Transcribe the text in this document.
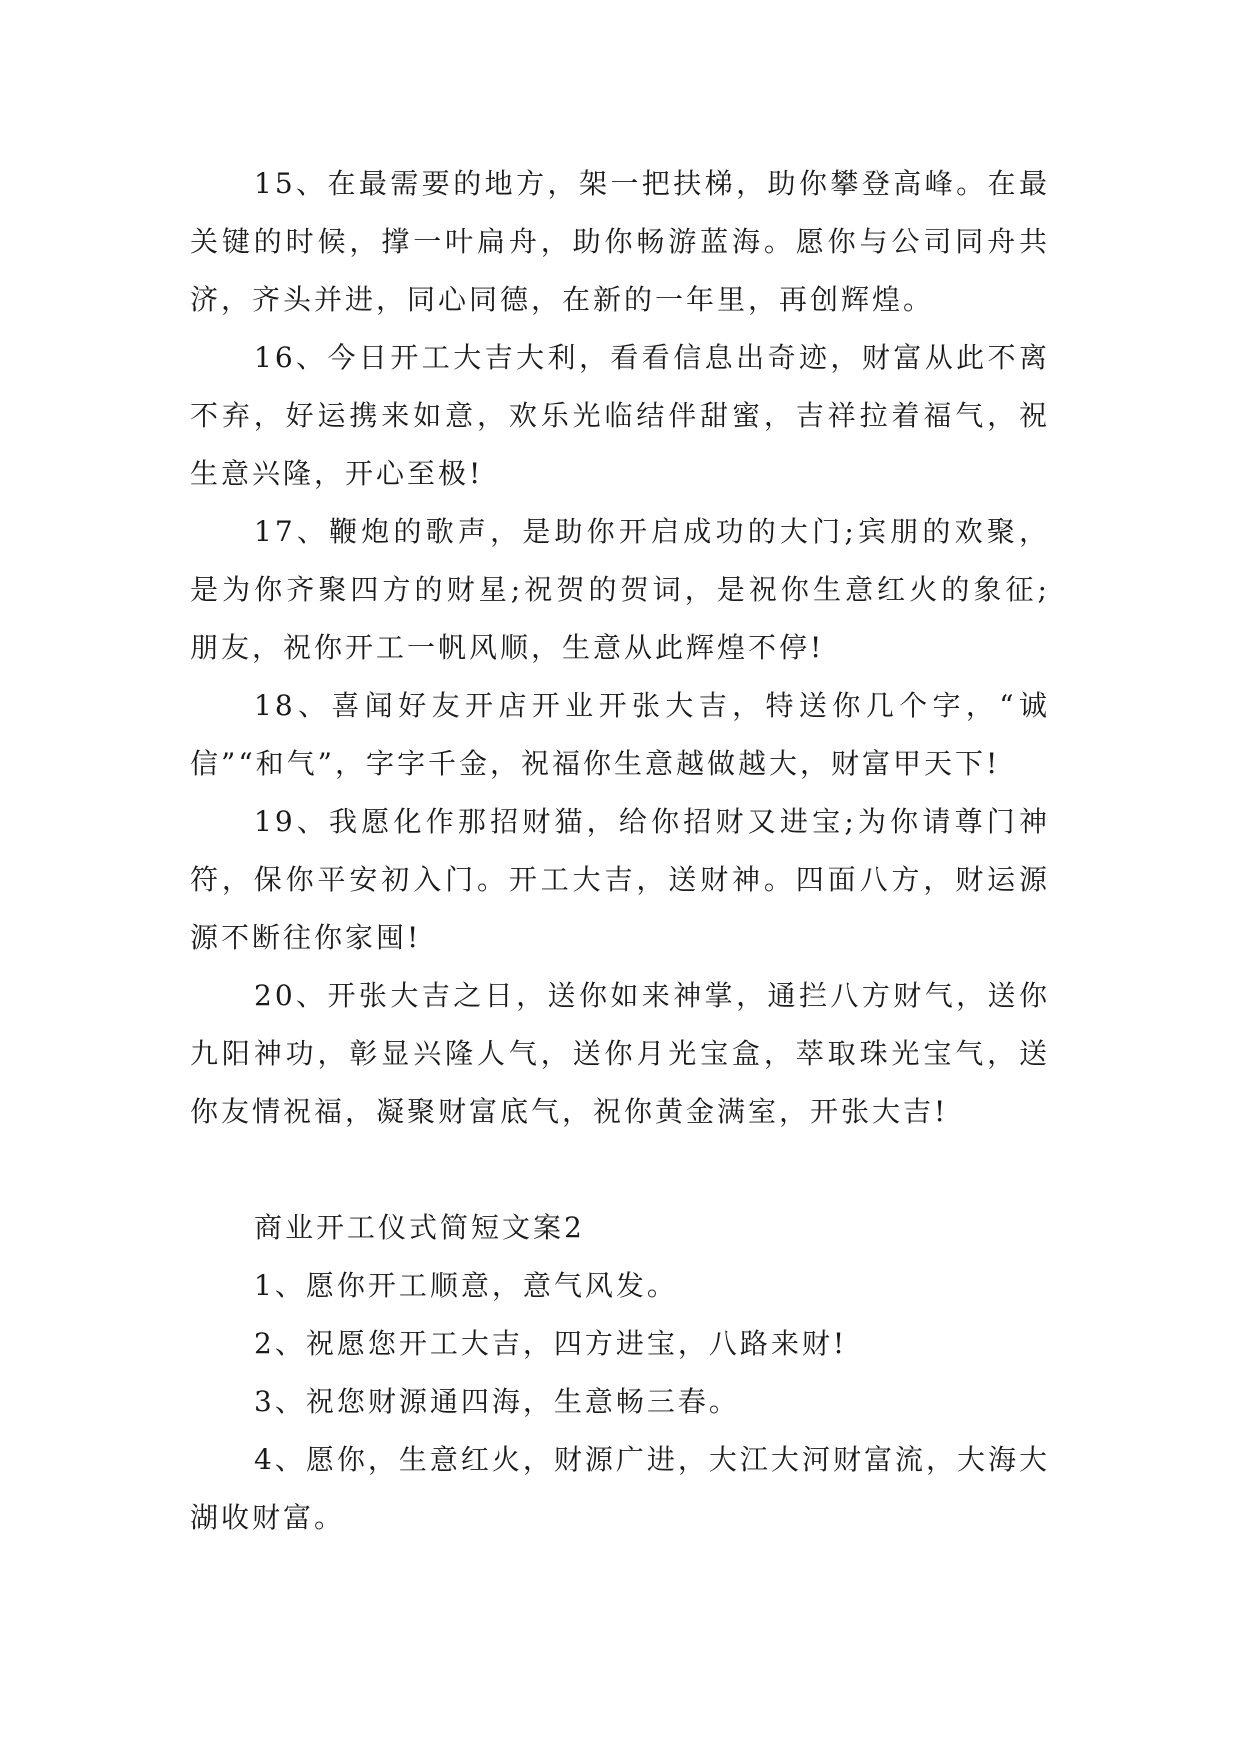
15、在最需要的地方，架一把扶梯，助你攀登高峰。在最关键的时候，撑一叶扁舟，助你畅游蓝海。愿你与公司同舟共济，齐头并进，同心同德，在新的一年里，再创辉煌。

16、今日开工大吉大利，看看信息出奇迹，财富从此不离不弃，好运携来如意，欢乐光临结伴甜蜜，吉祥拉着福气，祝生意兴隆，开心至极!

17、鞭炮的歌声，是助你开启成功的大门;宾朋的欢聚，是为你齐聚四方的财星;祝贺的贺词，是祝你生意红火的象征;朋友，祝你开工一帆风顺，生意从此辉煌不停!

18、喜闻好友开店开业开张大吉，特送你几个字，“诚信”“和气”，字字千金，祝福你生意越做越大，财富甲天下!

19、我愿化作那招财猫，给你招财又进宝;为你请尊门神符，保你平安初入门。开工大吉，送财神。四面八方，财运源源不断往你家囤!

20、开张大吉之日，送你如来神掌，通拦八方财气，送你九阳神功，彰显兴隆人气，送你月光宝盒，萃取珠光宝气，送你友情祝福，凝聚财富底气，祝你黄金满室，开张大吉!

商业开工仪式简短文案2

1、愿你开工顺意，意气风发。

2、祝愿您开工大吉，四方进宝，八路来财!

3、祝您财源通四海，生意畅三春。

4、愿你，生意红火，财源广进，大江大河财富流，大海大湖收财富。
